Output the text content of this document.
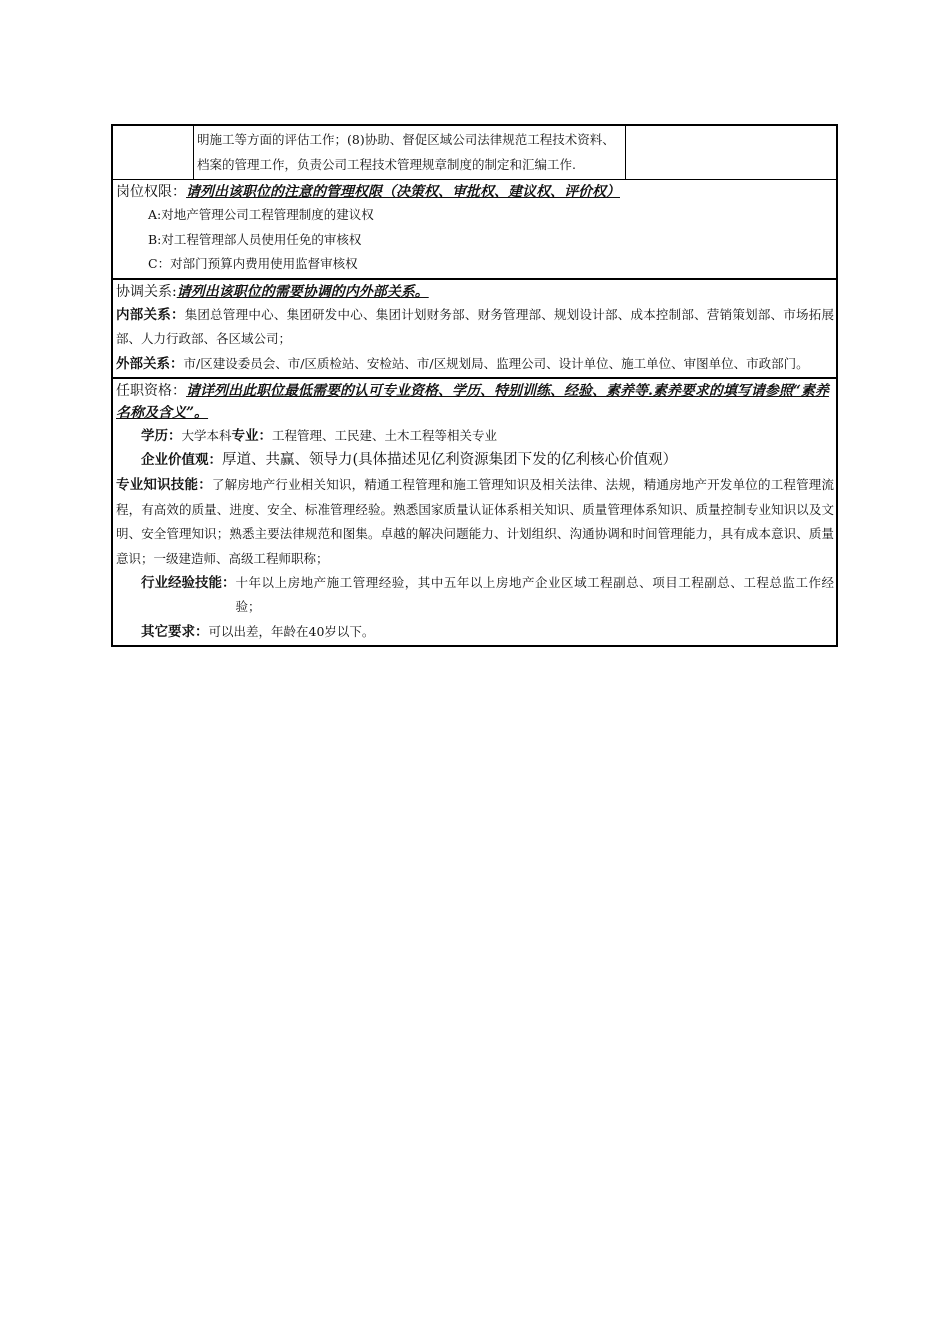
明施工等方面的评估工作；(8)协助、督促区域公司法律规范工程技术资料、档案的管理工作，负责公司工程技术管理规章制度的制定和汇编工作.
岗位权限：请列出该职位的注意的管理权限（决策权、审批权、建议权、评价权）
A:对地产管理公司工程管理制度的建议权
B:对工程管理部人员使用任免的审核权
C：对部门预算内费用使用监督审核权
协调关系:请列出该职位的需要协调的内外部关系。
内部关系：集团总管理中心、集团研发中心、集团计划财务部、财务管理部、规划设计部、成本控制部、营销策划部、市场拓展部、人力行政部、各区域公司；
外部关系：市/区建设委员会、市/区质检站、安检站、市/区规划局、监理公司、设计单位、施工单位、审图单位、市政部门。
任职资格：请详列出此职位最低需要的认可专业资格、学历、特别训练、经验、素养等.素养要求的填写请参照“素养名称及含义”。
学历：大学本科专业：工程管理、工民建、土木工程等相关专业
企业价值观：厚道、共赢、领导力(具体描述见亿利资源集团下发的亿利核心价值观）
专业知识技能：了解房地产行业相关知识，精通工程管理和施工管理知识及相关法律、法规，精通房地产开发单位的工程管理流程，有高效的质量、进度、安全、标准管理经验。熟悉国家质量认证体系相关知识、质量管理体系知识、质量控制专业知识以及文明、安全管理知识；熟悉主要法律规范和图集。卓越的解决问题能力、计划组织、沟通协调和时间管理能力，具有成本意识、质量意识；一级建造师、高级工程师职称；
行业经验技能： 十年以上房地产施工管理经验，其中五年以上房地产企业区域工程副总、项目工程副总、工程总监工作经验；
其它要求：可以出差，年龄在40岁以下。
